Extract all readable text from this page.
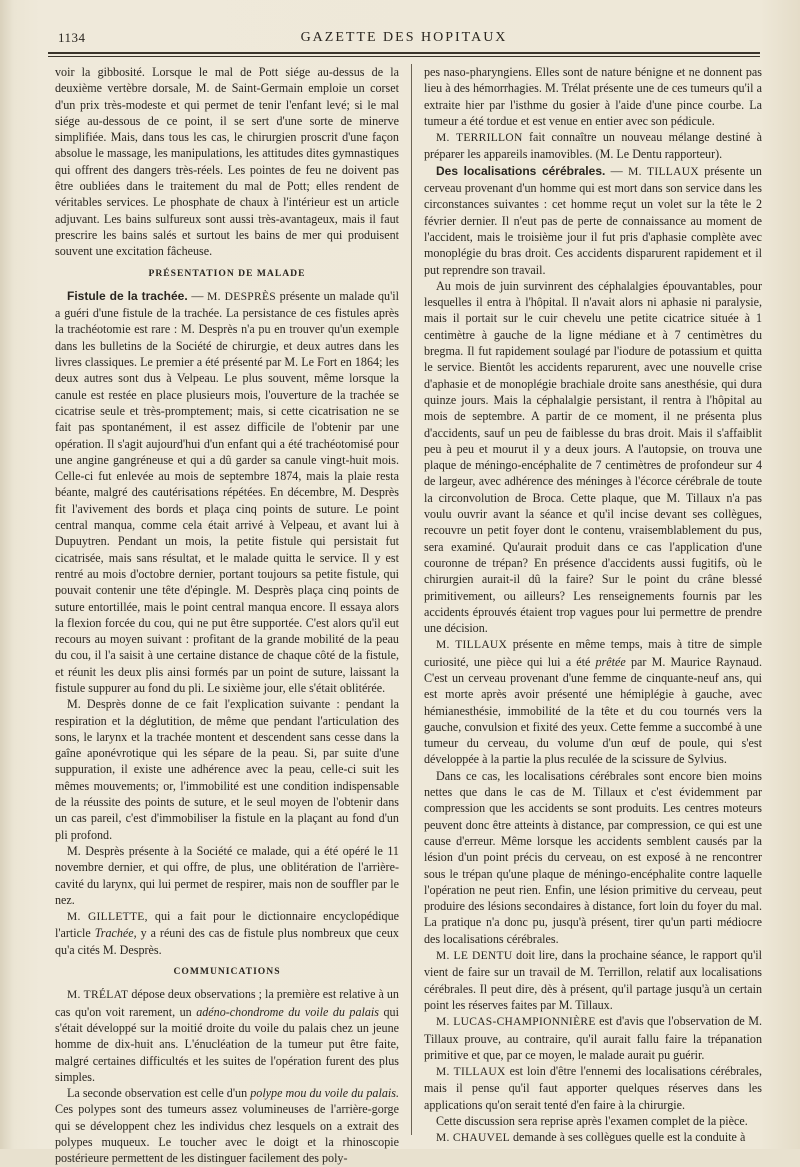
1134	GAZETTE DES HOPITAUX

voir la gibbosité. Lorsque le mal de Pott siége au-dessus de la deuxième vertèbre dorsale, M. de Saint-Germain emploie un corset d'un prix très-modeste et qui permet de tenir l'enfant levé; si le mal siége au-dessous de ce point, il se sert d'une sorte de minerve simplifiée. Mais, dans tous les cas, le chirurgien proscrit d'une façon absolue le massage, les manipulations, les attitudes dites gymnastiques qui offrent des dangers très-réels. Les pointes de feu ne doivent pas être oubliées dans le traitement du mal de Pott; elles rendent de véritables services. Le phosphate de chaux à l'intérieur est un article adjuvant. Les bains sulfureux sont aussi très-avantageux, mais il faut prescrire les bains salés et surtout les bains de mer qui produisent souvent une excitation fâcheuse.

PRÉSENTATION DE MALADE

Fistule de la trachée. — M. DESPRÈS présente un malade qu'il a guéri d'une fistule de la trachée. La persistance de ces fistules après la trachéotomie est rare : M. Desprès n'a pu en trouver qu'un exemple dans les bulletins de la Société de chirurgie, et deux autres dans les livres classiques. Le premier a été présenté par M. Le Fort en 1864; les deux autres sont dus à Velpeau. Le plus souvent, même lorsque la canule est restée en place plusieurs mois, l'ouverture de la trachée se cicatrise seule et très-promptement; mais, si cette cicatrisation ne se fait pas spontanément, il est assez difficile de l'obtenir par une opération. Il s'agit aujourd'hui d'un enfant qui a été trachéotomisé pour une angine gangréneuse et qui a dû garder sa canule vingt-huit mois. Celle-ci fut enlevée au mois de septembre 1874, mais la plaie resta béante, malgré des cautérisations répétées. En décembre, M. Desprès fit l'avivement des bords et plaça cinq points de suture. Le point central manqua, comme cela était arrivé à Velpeau, et avant lui à Dupuytren. Pendant un mois, la petite fistule qui persistait fut cicatrisée, mais sans résultat, et le malade quitta le service. Il y est rentré au mois d'octobre dernier, portant toujours sa petite fistule, qui pouvait contenir une tête d'épingle. M. Desprès plaça cinq points de suture entortillée, mais le point central manqua encore. Il essaya alors la flexion forcée du cou, qui ne put être supportée. C'est alors qu'il eut recours au moyen suivant : profitant de la grande mobilité de la peau du cou, il l'a saisit à une certaine distance de chaque côté de la fistule, et réunit les deux plis ainsi formés par un point de suture, laissant la fistule suppurer au fond du pli. Le sixième jour, elle s'était oblitérée.

M. Desprès donne de ce fait l'explication suivante : pendant la respiration et la déglutition, de même que pendant l'articulation des sons, le larynx et la trachée montent et descendent sans cesse dans la gaîne aponévrotique qui les sépare de la peau. Si, par suite d'une suppuration, il existe une adhérence avec la peau, celle-ci suit les mêmes mouvements; or, l'immobilité est une condition indispensable de la réussite des points de suture, et le seul moyen de l'obtenir dans un cas pareil, c'est d'immobiliser la fistule en la plaçant au fond d'un pli profond.

M. Desprès présente à la Société ce malade, qui a été opéré le 11 novembre dernier, et qui offre, de plus, une oblitération de l'arrière-cavité du larynx, qui lui permet de respirer, mais non de souffler par le nez.

M. GILLETTE, qui a fait pour le dictionnaire encyclopédique l'article Trachée, y a réuni des cas de fistule plus nombreux que ceux qu'a cités M. Desprès.

COMMUNICATIONS

M. TRÉLAT dépose deux observations ; la première est relative à un cas qu'on voit rarement, un adéno-chondrome du voile du palais qui s'était développé sur la moitié droite du voile du palais chez un jeune homme de dix-huit ans. L'énucléation de la tumeur put être faite, malgré certaines difficultés et les suites de l'opération furent des plus simples.

La seconde observation est celle d'un polype mou du voile du palais. Ces polypes sont des tumeurs assez volumineuses de l'arrière-gorge qui se développent chez les individus chez lesquels on a extrait des polypes muqueux. Le toucher avec le doigt et la rhinoscopie postérieure permettent de les distinguer facilement des poly-

pes naso-pharyngiens. Elles sont de nature bénigne et ne donnent pas lieu à des hémorrhagies. M. Trélat présente une de ces tumeurs qu'il a extraite hier par l'isthme du gosier à l'aide d'une pince courbe. La tumeur a été tordue et est venue en entier avec son pédicule.

M. TERRILLON fait connaître un nouveau mélange destiné à préparer les appareils inamovibles. (M. Le Dentu rapporteur).

Des localisations cérébrales. — M. TILLAUX présente un cerveau provenant d'un homme qui est mort dans son service dans les circonstances suivantes : cet homme reçut un volet sur la tête le 2 février dernier. Il n'eut pas de perte de connaissance au moment de l'accident, mais le troisième jour il fut pris d'aphasie complète avec monoplégie du bras droit. Ces accidents disparurent rapidement et il put reprendre son travail.

Au mois de juin survinrent des céphalalgies épouvantables, pour lesquelles il entra à l'hôpital. Il n'avait alors ni aphasie ni paralysie, mais il portait sur le cuir chevelu une petite cicatrice située à 1 centimètre à gauche de la ligne médiane et à 7 centimètres du bregma. Il fut rapidement soulagé par l'iodure de potassium et quitta le service. Bientôt les accidents reparurent, avec une nouvelle crise d'aphasie et de monoplégie brachiale droite sans anesthésie, qui dura quinze jours. Mais la céphalalgie persistant, il rentra à l'hôpital au mois de septembre. A partir de ce moment, il ne présenta plus d'accidents, sauf un peu de faiblesse du bras droit. Mais il s'affaiblit peu à peu et mourut il y a deux jours. A l'autopsie, on trouva une plaque de méningo-encéphalite de 7 centimètres de profondeur sur 4 de largeur, avec adhérence des méninges à l'écorce cérébrale de toute la circonvolution de Broca. Cette plaque, que M. Tillaux n'a pas voulu ouvrir avant la séance et qu'il incise devant ses collègues, recouvre un petit foyer dont le contenu, vraisemblablement du pus, sera examiné. Qu'aurait produit dans ce cas l'application d'une couronne de trépan? En présence d'accidents aussi fugitifs, où le chirurgien aurait-il dû la faire? Sur le point du crâne blessé primitivement, ou ailleurs? Les renseignements fournis par les accidents éprouvés étaient trop vagues pour lui permettre de prendre une décision.

M. TILLAUX présente en même temps, mais à titre de simple curiosité, une pièce qui lui a été prêtée par M. Maurice Raynaud. C'est un cerveau provenant d'une femme de cinquante-neuf ans, qui est morte après avoir présenté une hémiplégie à gauche, avec hémianesthésie, immobilité de la tête et du cou tournés vers la gauche, convulsion et fixité des yeux. Cette femme a succombé à une tumeur du cerveau, du volume d'un œuf de poule, qui s'est développée à la partie la plus reculée de la scissure de Sylvius.

Dans ce cas, les localisations cérébrales sont encore bien moins nettes que dans le cas de M. Tillaux et c'est évidemment par compression que les accidents se sont produits. Les centres moteurs peuvent donc être atteints à distance, par compression, ce qui est une cause d'erreur. Même lorsque les accidents semblent causés par la lésion d'un point précis du cerveau, on est exposé à ne rencontrer sous le trépan qu'une plaque de méningo-encéphalite contre laquelle l'opération ne peut rien. Enfin, une lésion primitive du cerveau, peut produire des lésions secondaires à distance, fort loin du foyer du mal. La pratique n'a donc pu, jusqu'à présent, tirer qu'un parti médiocre des localisations cérébrales.

M. LE DENTU doit lire, dans la prochaine séance, le rapport qu'il vient de faire sur un travail de M. Terrillon, relatif aux localisations cérébrales. Il peut dire, dès à présent, qu'il partage jusqu'à un certain point les réserves faites par M. Tillaux.

M. LUCAS-CHAMPIONNIÈRE est d'avis que l'observation de M. Tillaux prouve, au contraire, qu'il aurait fallu faire la trépanation primitive et que, par ce moyen, le malade aurait pu guérir.

M. TILLAUX est loin d'être l'ennemi des localisations cérébrales, mais il pense qu'il faut apporter quelques réserves dans les applications qu'on serait tenté d'en faire à la chirurgie.

Cette discussion sera reprise après l'examen complet de la pièce.

M. CHAUVEL demande à ses collègues quelle est la conduite à
